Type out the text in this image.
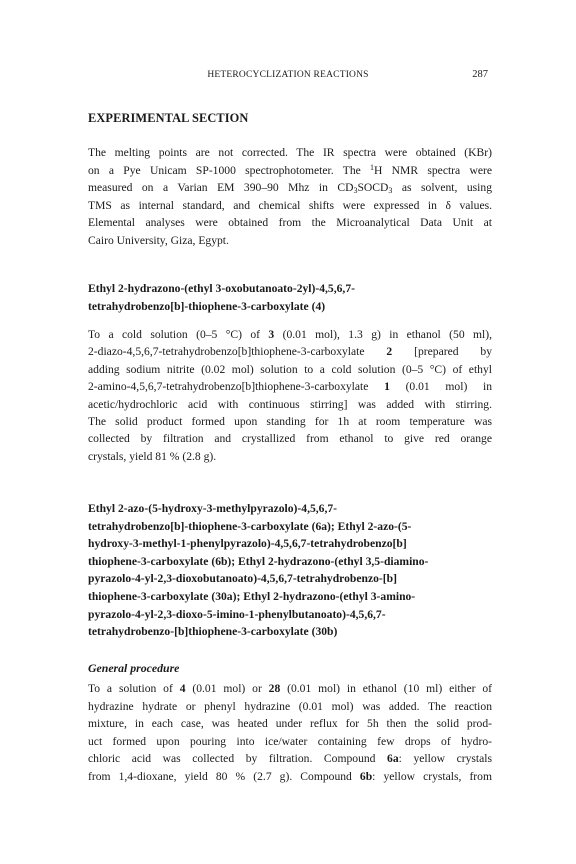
HETEROCYCLIZATION REACTIONS	287
EXPERIMENTAL SECTION

The melting points are not corrected. The IR spectra were obtained (KBr)
on a Pye Unicam SP-1000 spectrophotometer. The $^1$H NMR spectra were
measured on a Varian EM 390–90 Mhz in $CD_3SOCD_3$ as solvent, using
TMS as internal standard, and chemical shifts were expressed in δ values.
Elemental analyses were obtained from the Microanalytical Data Unit at
Cairo University, Giza, Egypt.

Ethyl 2-hydrazono-(ethyl 3-oxobutanoato-2yl)-4,5,6,7-
tetrahydrobenzo[b]-thiophene-3-carboxylate (4)

To a cold solution (0–5 °C) of 3 (0.01 mol), 1.3 g) in ethanol (50 ml),
2-diazo-4,5,6,7-tetrahydrobenzo[b]thiophene-3-carboxylate 2 [prepared by
adding sodium nitrite (0.02 mol) solution to a cold solution (0–5 °C) of ethyl
2-amino-4,5,6,7-tetrahydrobenzo[b]thiophene-3-carboxylate 1 (0.01 mol) in
acetic/hydrochloric acid with continuous stirring] was added with stirring.
The solid product formed upon standing for 1h at room temperature was
collected by filtration and crystallized from ethanol to give red orange
crystals, yield 81 % (2.8 g).

Ethyl 2-azo-(5-hydroxy-3-methylpyrazolo)-4,5,6,7-
tetrahydrobenzo[b]-thiophene-3-carboxylate (6a); Ethyl 2-azo-(5-
hydroxy-3-methyl-1-phenylpyrazolo)-4,5,6,7-tetrahydrobenzo[b]
thiophene-3-carboxylate (6b); Ethyl 2-hydrazono-(ethyl 3,5-diamino-
pyrazolo-4-yl-2,3-dioxobutanoato)-4,5,6,7-tetrahydrobenzo-[b]
thiophene-3-carboxylate (30a); Ethyl 2-hydrazono-(ethyl 3-amino-
pyrazolo-4-yl-2,3-dioxo-5-imino-1-phenylbutanoato)-4,5,6,7-
tetrahydrobenzo-[b]thiophene-3-carboxylate (30b)
General procedure

To a solution of 4 (0.01 mol) or 28 (0.01 mol) in ethanol (10 ml) either of
hydrazine hydrate or phenyl hydrazine (0.01 mol) was added. The reaction
mixture, in each case, was heated under reflux for 5h then the solid prod-
uct formed upon pouring into ice/water containing few drops of hydro-
chloric acid was collected by filtration. Compound 6a: yellow crystals
from 1,4-dioxane, yield 80 % (2.7 g). Compound 6b: yellow crystals, from
